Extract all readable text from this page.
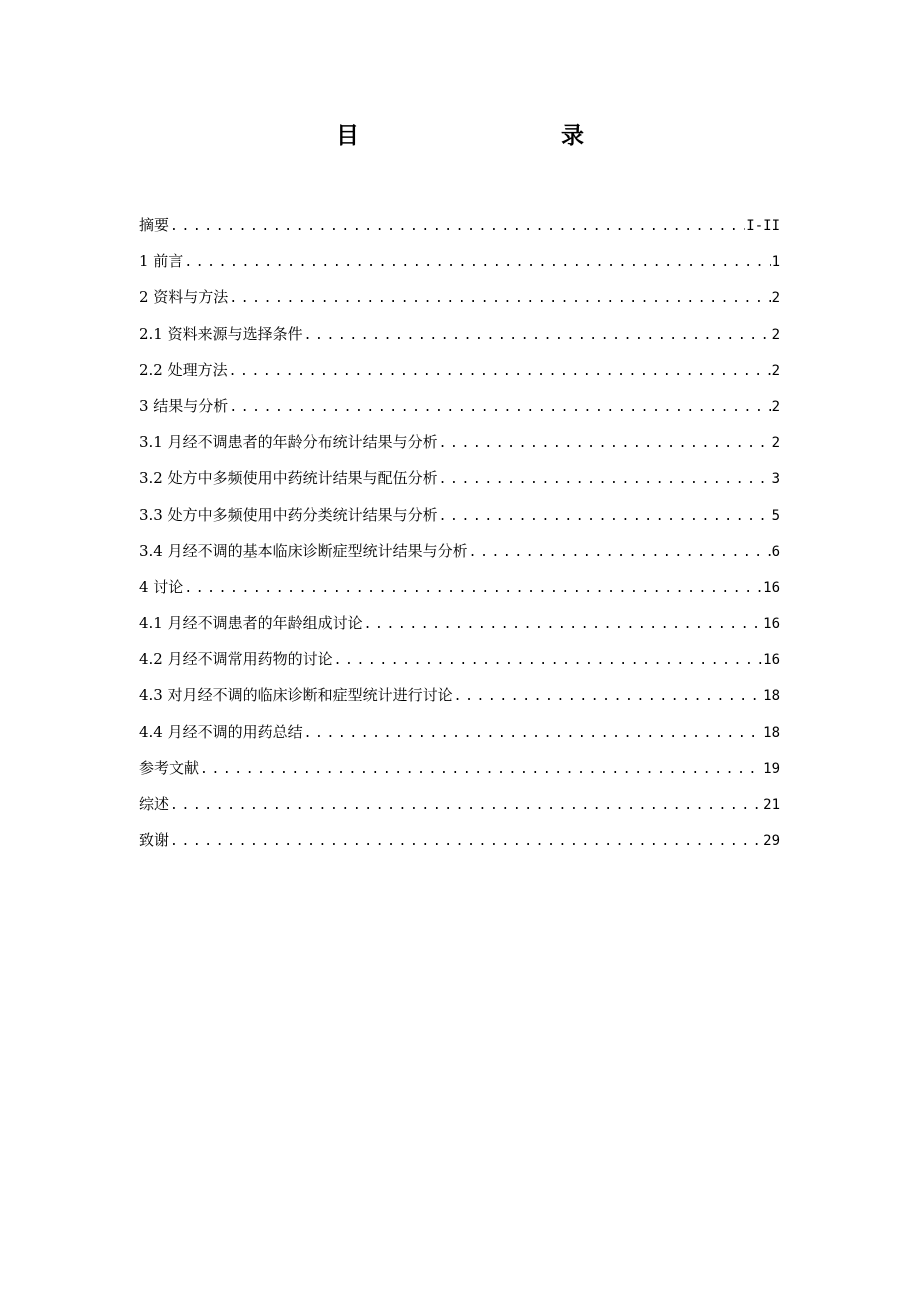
目　　录
摘要 .....	I-II
1 前言 .....	1
2 资料与方法 .....	2
2.1 资料来源与选择条件 .....	2
2.2 处理方法 .....	2
3 结果与分析 .....	2
3.1 月经不调患者的年龄分布统计结果与分析 .....	2
3.2 处方中多频使用中药统计结果与配伍分析 .....	3
3.3 处方中多频使用中药分类统计结果与分析 .....	5
3.4 月经不调的基本临床诊断症型统计结果与分析 .....	6
4 讨论 .....	16
4.1 月经不调患者的年龄组成讨论 .....	16
4.2 月经不调常用药物的讨论 .....	16
4.3 对月经不调的临床诊断和症型统计进行讨论 .....	18
4.4 月经不调的用药总结 .....	18
参考文献 .....	19
综述 .....	21
致谢 .....	29
